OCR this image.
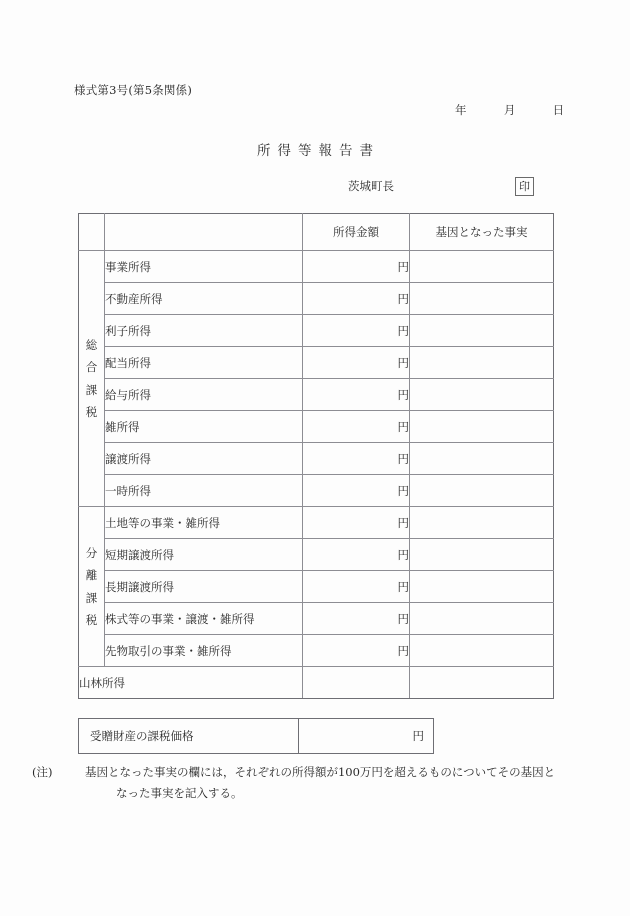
様式第3号(第5条関係)
年	月	日
所得等報告書
茨城町長	印
		所得金額	基因となった事実

総
合
課
税	事業所得	円	
	不動産所得	円	
	利子所得	円	
	配当所得	円	
	給与所得	円	
	雑所得	円	
	譲渡所得	円	
	一時所得	円	

分
離
課
税	土地等の事業・雑所得	円	
	短期譲渡所得	円	
	長期譲渡所得	円	
	株式等の事業・譲渡・雑所得	円	
	先物取引の事業・雑所得	円	
山林所得			
受贈財産の課税価格	円
(注)	基因となった事実の欄には，それぞれの所得額が100万円を超えるものについてその基因となった事実を記入する。
